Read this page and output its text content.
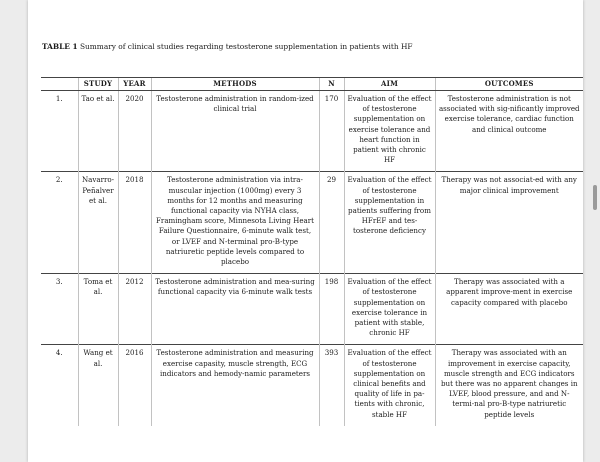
TABLE 1 Summary of clinical studies regarding testosterone supplementation in patients with HF
	STUDY	YEAR	METHODS	N	AIM	OUTCOMES
1.	Tao et al.	2020	Testosterone administration in random-ized clinical trial	170	Evaluation of the effect of testosterone supplementation on exercise tolerance and heart function in patient with chronic HF	Testosterone administration is not associated with sig-nificantly improved exercise tolerance, cardiac function and clinical outcome
2.	Navarro-Peñalver et al.	2018	Testosterone administration via intra-muscular injection (1000mg) every 3 months for 12 months and measuring functional capacity via NYHA class, Framingham score, Minnesota Living Heart Failure Questionnaire, 6-minute walk test, or LVEF and N-terminal pro-B-type natriuretic peptide levels compared to placebo	29	Evaluation of the effect of testosterone supplementation in patients suffering from HFrEF and tes-tosterone deficiency	Therapy was not associat-ed with any major clinical improvement
3.	Toma et al.	2012	Testosterone administration and mea-suring functional capacity via 6-minute walk tests	198	Evaluation of the effect of testosterone supplementation on exercise tolerance in patient with stable, chronic HF	Therapy was associated with a apparent improve-ment in exercise capacity compared with placebo
4.	Wang et al.	2016	Testosterone administration and measuring exercise capasity, muscle strength, ECG indicators and hemody-namic parameters	393	Evaluation of the effect of testosterone supplementation on clinical benefits and quality of life in pa-tients with chronic, stable HF	Therapy was associated with an improvement in exercise capacity, muscle strength and ECG indicators but there was no apparent changes in LVEF, blood pressure, and and N-termi-nal pro-B-type natriuretic peptide levels
